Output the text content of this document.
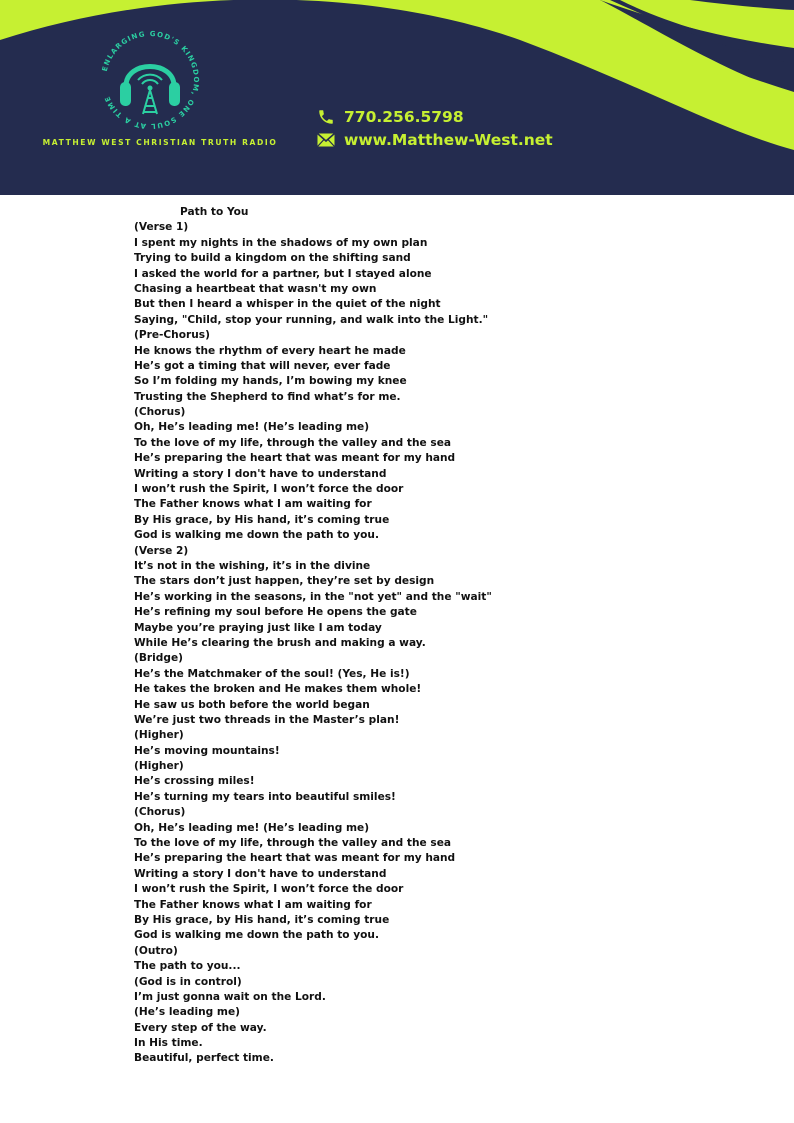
ENLARGING GOD'S KINGDOM, ONE SOUL AT A TIME
MATTHEW WEST CHRISTIAN TRUTH RADIO
770.256.5798
www.Matthew-West.net
Path to You
(Verse 1)
I spent my nights in the shadows of my own plan
Trying to build a kingdom on the shifting sand
I asked the world for a partner, but I stayed alone
Chasing a heartbeat that wasn't my own
But then I heard a whisper in the quiet of the night
Saying, "Child, stop your running, and walk into the Light."
(Pre-Chorus)
He knows the rhythm of every heart he made
He’s got a timing that will never, ever fade
So I’m folding my hands, I’m bowing my knee
Trusting the Shepherd to find what’s for me.
(Chorus)
Oh, He’s leading me! (He’s leading me)
To the love of my life, through the valley and the sea
He’s preparing the heart that was meant for my hand
Writing a story I don't have to understand
I won’t rush the Spirit, I won’t force the door
The Father knows what I am waiting for
By His grace, by His hand, it’s coming true
God is walking me down the path to you.
(Verse 2)
It’s not in the wishing, it’s in the divine
The stars don’t just happen, they’re set by design
He’s working in the seasons, in the "not yet" and the "wait"
He’s refining my soul before He opens the gate
Maybe you’re praying just like I am today
While He’s clearing the brush and making a way.
(Bridge)
He’s the Matchmaker of the soul! (Yes, He is!)
He takes the broken and He makes them whole!
He saw us both before the world began
We’re just two threads in the Master’s plan!
(Higher)
He’s moving mountains!
(Higher)
He’s crossing miles!
He’s turning my tears into beautiful smiles!
(Chorus)
Oh, He’s leading me! (He’s leading me)
To the love of my life, through the valley and the sea
He’s preparing the heart that was meant for my hand
Writing a story I don't have to understand
I won’t rush the Spirit, I won’t force the door
The Father knows what I am waiting for
By His grace, by His hand, it’s coming true
God is walking me down the path to you.
(Outro)
The path to you...
(God is in control)
I’m just gonna wait on the Lord.
(He’s leading me)
Every step of the way.
In His time.
Beautiful, perfect time.
